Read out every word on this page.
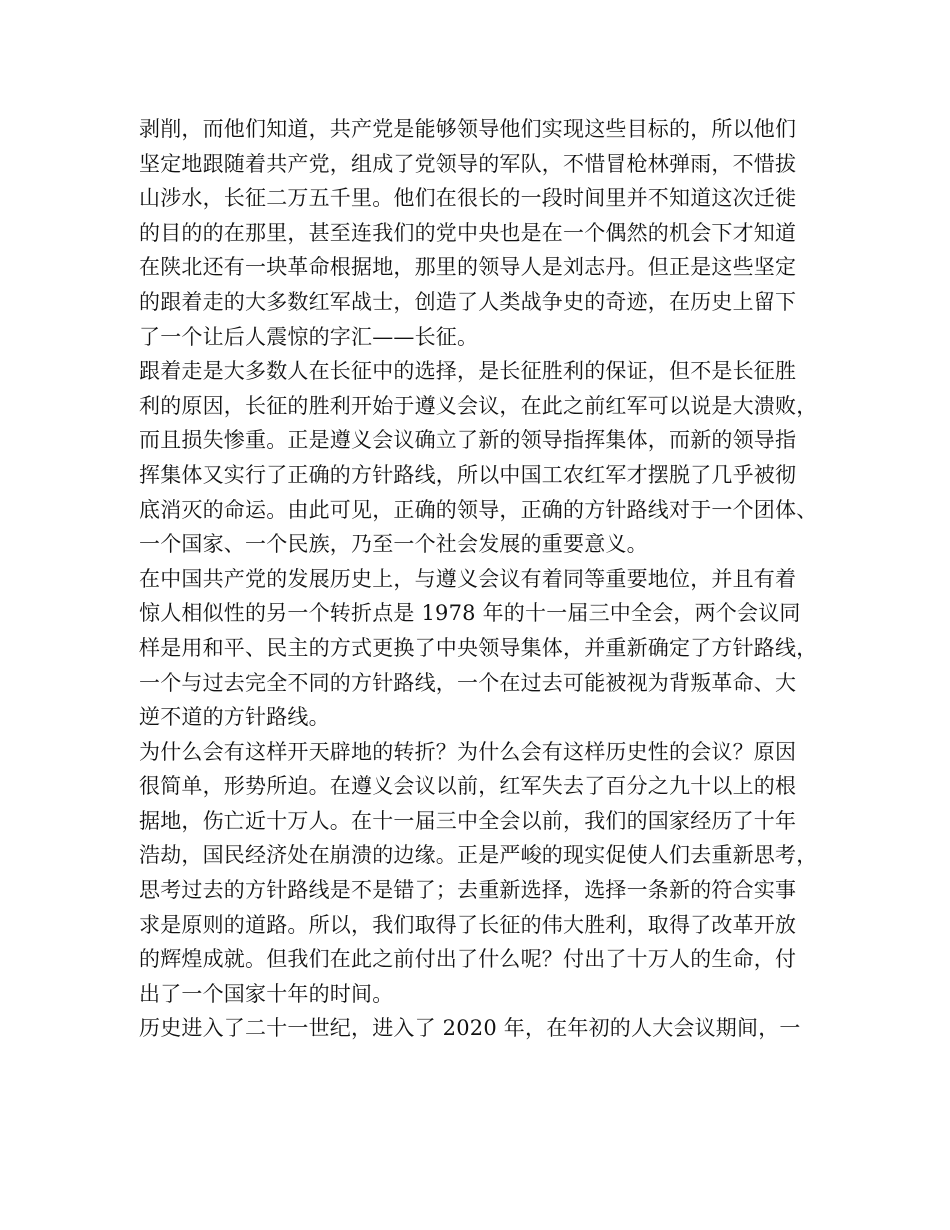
剥削，而他们知道，共产党是能够领导他们实现这些目标的，所以他们
坚定地跟随着共产党，组成了党领导的军队，不惜冒枪林弹雨，不惜拔
山涉水，长征二万五千里。他们在很长的一段时间里并不知道这次迁徙
的目的的在那里，甚至连我们的党中央也是在一个偶然的机会下才知道
在陕北还有一块革命根据地，那里的领导人是刘志丹。但正是这些坚定
的跟着走的大多数红军战士，创造了人类战争史的奇迹，在历史上留下
了一个让后人震惊的字汇——长征。
跟着走是大多数人在长征中的选择，是长征胜利的保证，但不是长征胜
利的原因，长征的胜利开始于遵义会议，在此之前红军可以说是大溃败，
而且损失惨重。正是遵义会议确立了新的领导指挥集体，而新的领导指
挥集体又实行了正确的方针路线，所以中国工农红军才摆脱了几乎被彻
底消灭的命运。由此可见，正确的领导，正确的方针路线对于一个团体、
一个国家、一个民族，乃至一个社会发展的重要意义。
在中国共产党的发展历史上，与遵义会议有着同等重要地位，并且有着
惊人相似性的另一个转折点是 1978 年的十一届三中全会，两个会议同
样是用和平、民主的方式更换了中央领导集体，并重新确定了方针路线，
一个与过去完全不同的方针路线，一个在过去可能被视为背叛革命、大
逆不道的方针路线。
为什么会有这样开天辟地的转折？为什么会有这样历史性的会议？原因
很简单，形势所迫。在遵义会议以前，红军失去了百分之九十以上的根
据地，伤亡近十万人。在十一届三中全会以前，我们的国家经历了十年
浩劫，国民经济处在崩溃的边缘。正是严峻的现实促使人们去重新思考，
思考过去的方针路线是不是错了；去重新选择，选择一条新的符合实事
求是原则的道路。所以，我们取得了长征的伟大胜利，取得了改革开放
的辉煌成就。但我们在此之前付出了什么呢？付出了十万人的生命，付
出了一个国家十年的时间。
历史进入了二十一世纪，进入了 2020 年，在年初的人大会议期间，一
